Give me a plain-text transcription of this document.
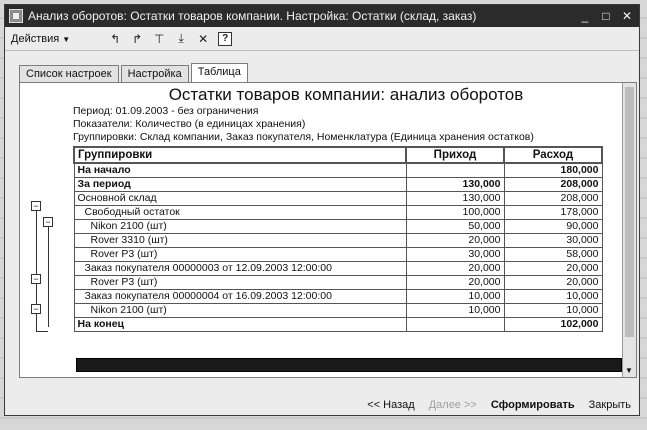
Анализ оборотов: Остатки товаров компании. Настройка: Остатки (склад, заказ)	_	□	✕
Действия ▼	↰ ↱ ⊤	⤓	✕	?
Список настроек	Настройка	Таблица
−
−
−
−
Остатки товаров компании: анализ оборотов
Период: 01.09.2003 - без ограничения
Показатели: Количество (в единицах хранения)
Группировки: Склад компании, Заказ покупателя, Номенклатура (Единица хранения остатков)
Группировки	Приход	Расход
На начало		180,000
За период	130,000	208,000
Основной склад	130,000	208,000
Свободный остаток	100,000	178,000
Nikon 2100 (шт)	50,000	90,000
Rover 3310 (шт)	20,000	30,000
Rover P3 (шт)	30,000	58,000
Заказ покупателя 00000003 от 12.09.2003 12:00:00	20,000	20,000
Rover P3 (шт)	20,000	20,000
Заказ покупателя 00000004 от 16.09.2003 12:00:00	10,000	10,000
Nikon 2100 (шт)	10,000	10,000
На конец		102,000
▼
<< Назад Далее >> Сформировать Закрыть
